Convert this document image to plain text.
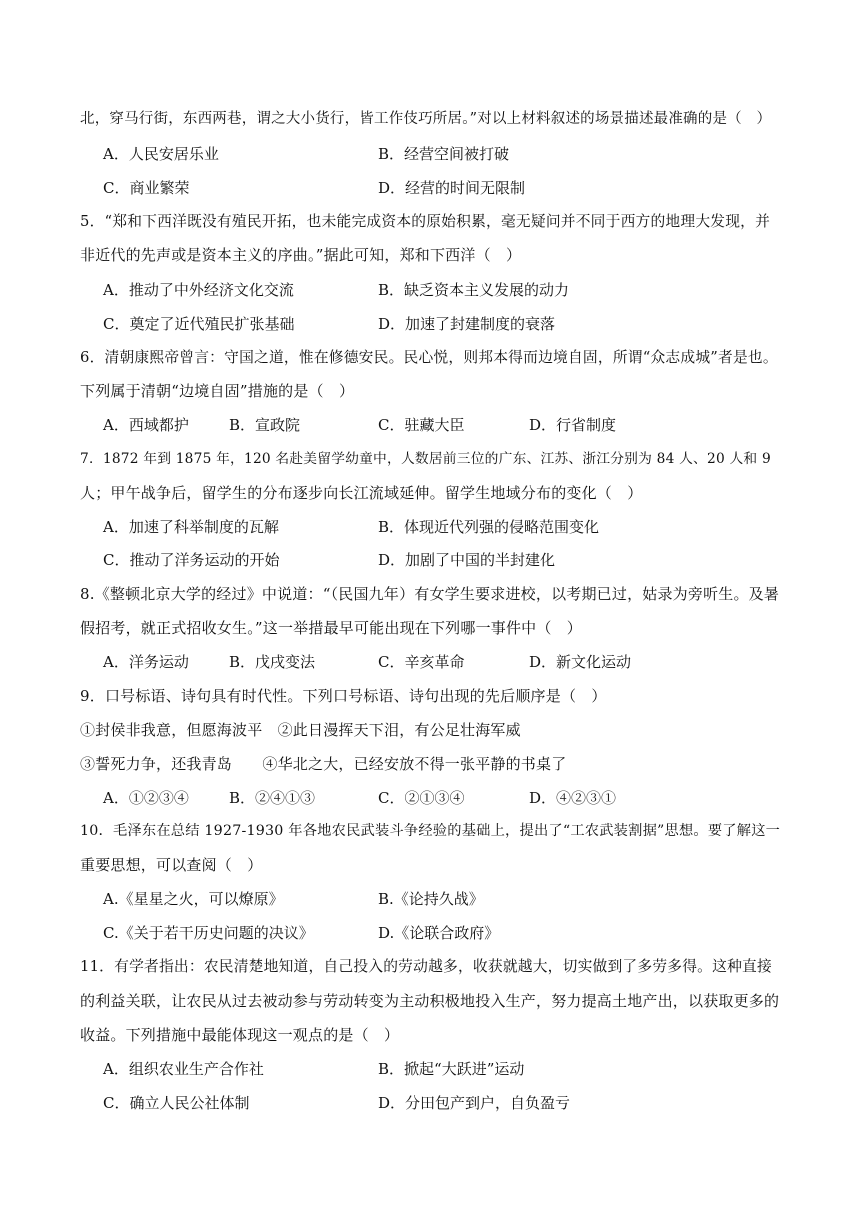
北，穿马行街，东西两巷，谓之大小货行，皆工作伎巧所居。”对以上材料叙述的场景描述最准确的是（　）
A．人民安居乐业	B．经营空间被打破
C．商业繁荣	D．经营的时间无限制
5．“郑和下西洋既没有殖民开拓，也未能完成资本的原始积累，毫无疑问并不同于西方的地理大发现，并
非近代的先声或是资本主义的序曲。”据此可知，郑和下西洋（　）
A．推动了中外经济文化交流	B．缺乏资本主义发展的动力
C．奠定了近代殖民扩张基础	D．加速了封建制度的衰落
6．清朝康熙帝曾言：守国之道，惟在修德安民。民心悦，则邦本得而边境自固，所谓“众志成城”者是也。
下列属于清朝“边境自固”措施的是（　）
A．西域都护	B．宣政院	C．驻藏大臣	D．行省制度
7．1872 年到 1875 年，120 名赴美留学幼童中，人数居前三位的广东、江苏、浙江分别为 84 人、20 人和 9
人；甲午战争后，留学生的分布逐步向长江流域延伸。留学生地域分布的变化（　）
A．加速了科举制度的瓦解	B．体现近代列强的侵略范围变化
C．推动了洋务运动的开始	D．加剧了中国的半封建化
8.《整顿北京大学的经过》中说道：“（民国九年）有女学生要求进校，以考期已过，姑录为旁听生。及暑
假招考，就正式招收女生。”这一举措最早可能出现在下列哪一事件中（　）
A．洋务运动	B．戊戌变法	C．辛亥革命	D．新文化运动
9．口号标语、诗句具有时代性。下列口号标语、诗句出现的先后顺序是（　）
①封侯非我意，但愿海波平　②此日漫挥天下泪，有公足壮海军威
③誓死力争，还我青岛　　④华北之大，已经安放不得一张平静的书桌了
A．①②③④	B．②④①③	C．②①③④	D．④②③①
10．毛泽东在总结 1927-1930 年各地农民武装斗争经验的基础上，提出了“工农武装割据”思想。要了解这一
重要思想，可以查阅（　）
A.《星星之火，可以燎原》	B.《论持久战》
C.《关于若干历史问题的决议》	D.《论联合政府》
11．有学者指出：农民清楚地知道，自己投入的劳动越多，收获就越大，切实做到了多劳多得。这种直接
的利益关联，让农民从过去被动参与劳动转变为主动积极地投入生产，努力提高土地产出，以获取更多的
收益。下列措施中最能体现这一观点的是（　）
A．组织农业生产合作社	B．掀起“大跃进”运动
C．确立人民公社体制	D．分田包产到户，自负盈亏
